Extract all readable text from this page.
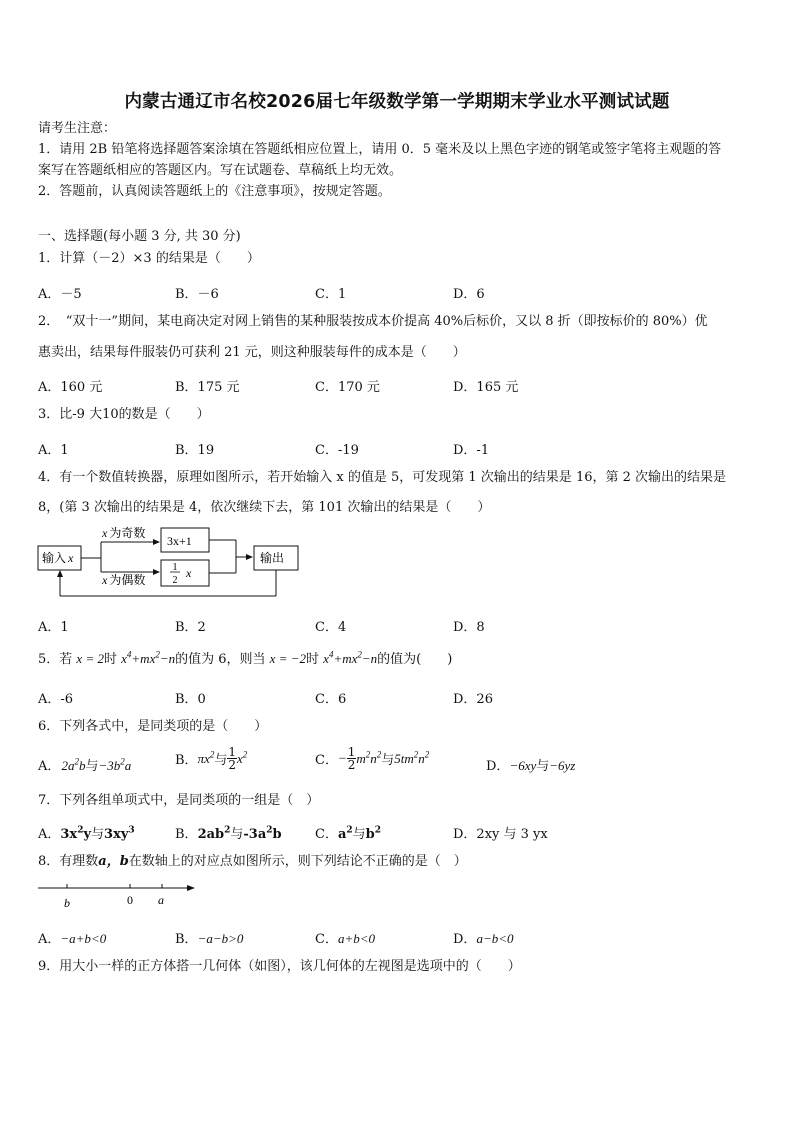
内蒙古通辽市名校2026届七年级数学第一学期期末学业水平测试试题
请考生注意：
1．请用 2B 铅笔将选择题答案涂填在答题纸相应位置上，请用 0．5 毫米及以上黑色字迹的钢笔或签字笔将主观题的答
案写在答题纸相应的答题区内。写在试题卷、草稿纸上均无效。
2．答题前，认真阅读答题纸上的《注意事项》，按规定答题。
一、选择题(每小题 3 分, 共 30 分)
1．计算（－2）×3 的结果是（　　）
A．－5	B．－6	C．1	D．6
2．　“双十一”期间，某电商决定对网上销售的某种服装按成本价提高 40%后标价，又以 8 折（即按标价的 80%）优
惠卖出，结果每件服装仍可获利 21 元，则这种服装每件的成本是（　　）
A．160 元	B．175 元	C．170 元	D．165 元
3．比-9 大10的数是（　　）
A．1	B．19	C．-19	D．-1
4．有一个数值转换器，原理如图所示，若开始输入 x 的值是 5，可发现第 1 次输出的结果是 16，第 2 次输出的结果是
8，(第 3 次输出的结果是 4，依次继续下去，第 101 次输出的结果是（　　）
输入 x
x 为奇数
x 为偶数
3x+1
1
2
x
输出
A．1	B．2	C．4	D．8
5．若 x = 2时 $x^4+mx^2-n$的值为 6，则当 x = −2时 $x^4+mx^2-n$的值为(　　)
A．-6	B．0	C．6	D．26
6．下列各式中，是同类项的是（　　）
A． $2a^2b$与$-3b^2a$	B．$\pi x^2$与 $\frac{1}{2} x^2$	C．− $\frac{1}{2} m^2n^2$与$5tm^2n^2$
D．−6xy与−6yz
7．下列各组单项式中，是同类项的一组是（　）
A．$3x^2y$与$3xy^3$	B．$2ab^2$与$-3a^2b$	C．$a^2$与$b^2$	D．2xy 与 3 yx
8．有理数a，b在数轴上的对应点如图所示，则下列结论不正确的是（　）
b	0 a
A．−a+b<0	B．−a−b>0	C．a+b<0	D．a−b<0
9．用大小一样的正方体搭一几何体（如图），该几何体的左视图是选项中的（　　）
